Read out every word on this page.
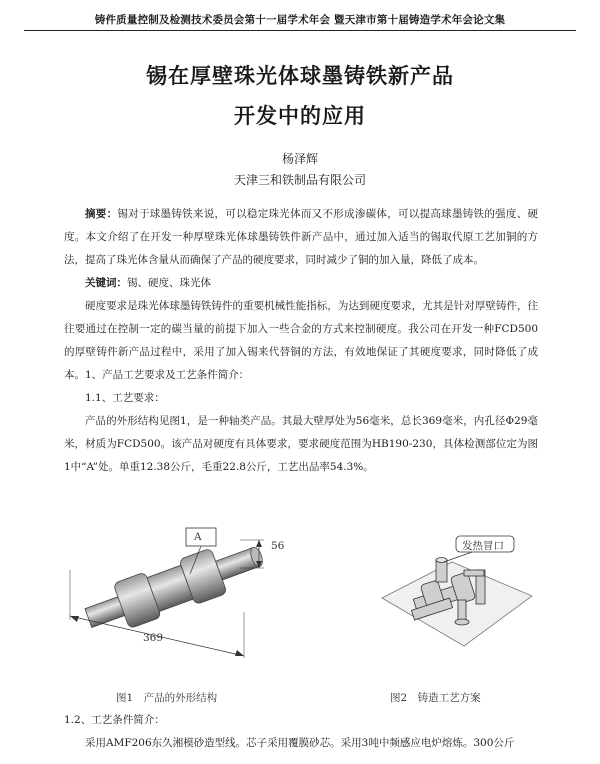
铸件质量控制及检测技术委员会第十一届学术年会 暨天津市第十届铸造学术年会论文集
锡在厚壁珠光体球墨铸铁新产品
开发中的应用
杨泽辉
天津三和铁制品有限公司
摘要：锡对于球墨铸铁来说，可以稳定珠光体而又不形成渗碳体，可以提高球墨铸铁的强度、硬度。本文介绍了在开发一种厚壁珠光体球墨铸铁件新产品中，通过加入适当的锡取代原工艺加铜的方法，提高了珠光体含量从而确保了产品的硬度要求，同时减少了铜的加入量，降低了成本。
关键词：锡、硬度、珠光体
硬度要求是珠光体球墨铸铁铸件的重要机械性能指标，为达到硬度要求，尤其是针对厚壁铸件，往往要通过在控制一定的碳当量的前提下加入一些合金的方式来控制硬度。我公司在开发一种FCD500的厚壁铸件新产品过程中，采用了加入锡来代替铜的方法，有效地保证了其硬度要求，同时降低了成本。 1、产品工艺要求及工艺条件简介：
1.1、工艺要求：
产品的外形结构见图1，是一种轴类产品。其最大壁厚处为56毫米，总长369毫米，内孔径Φ29毫米，材质为FCD500。该产品对硬度有具体要求，要求硬度范围为HB190-230，具体检测部位定为图1中“A”处。单重12.38公斤，毛重22.8公斤，工艺出品率54.3%。
A
56
369
发热冒口
图1　产品的外形结构	图2　铸造工艺方案
1.2、工艺条件简介：
采用AMF206东久湘模砂造型线。芯子采用覆膜砂芯。采用3吨中频感应电炉熔炼。300公斤
